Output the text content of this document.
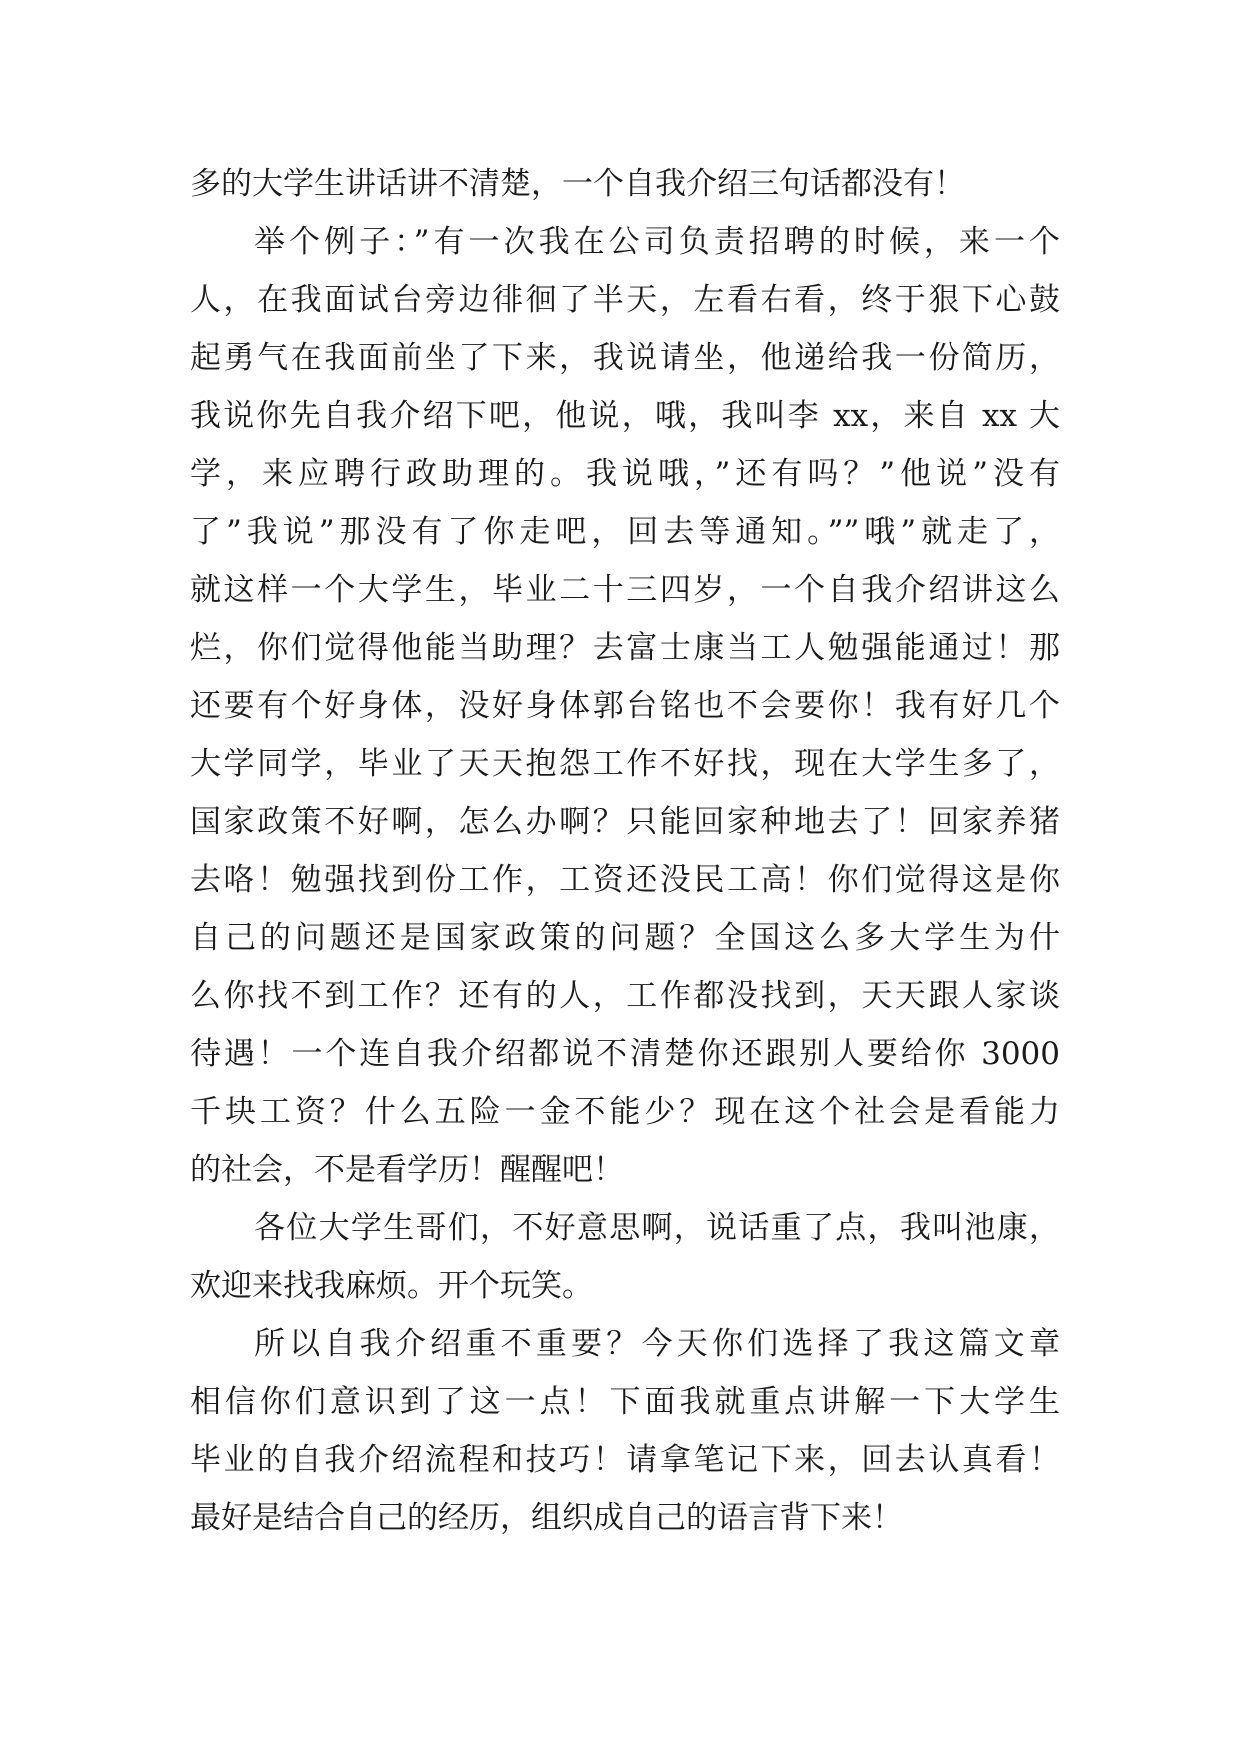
多的大学生讲话讲不清楚，一个自我介绍三句话都没有！
举个例子：”有一次我在公司负责招聘的时候，来一个
人，在我面试台旁边徘徊了半天，左看右看，终于狠下心鼓
起勇气在我面前坐了下来，我说请坐，他递给我一份简历，
我说你先自我介绍下吧，他说，哦，我叫李 xx，来自 xx 大
学，来应聘行政助理的。我说哦，”还有吗？”他说”没有
了”我说”那没有了你走吧，回去等通知。””哦”就走了，
就这样一个大学生，毕业二十三四岁，一个自我介绍讲这么
烂，你们觉得他能当助理？去富士康当工人勉强能通过！那
还要有个好身体，没好身体郭台铭也不会要你！我有好几个
大学同学，毕业了天天抱怨工作不好找，现在大学生多了，
国家政策不好啊，怎么办啊？只能回家种地去了！回家养猪
去咯！勉强找到份工作，工资还没民工高！你们觉得这是你
自己的问题还是国家政策的问题？全国这么多大学生为什
么你找不到工作？还有的人，工作都没找到，天天跟人家谈
待遇！一个连自我介绍都说不清楚你还跟别人要给你 3000
千块工资？什么五险一金不能少？现在这个社会是看能力
的社会，不是看学历！醒醒吧！
各位大学生哥们，不好意思啊，说话重了点，我叫池康，
欢迎来找我麻烦。开个玩笑。
所以自我介绍重不重要？今天你们选择了我这篇文章
相信你们意识到了这一点！下面我就重点讲解一下大学生
毕业的自我介绍流程和技巧！请拿笔记下来，回去认真看！
最好是结合自己的经历，组织成自己的语言背下来！
